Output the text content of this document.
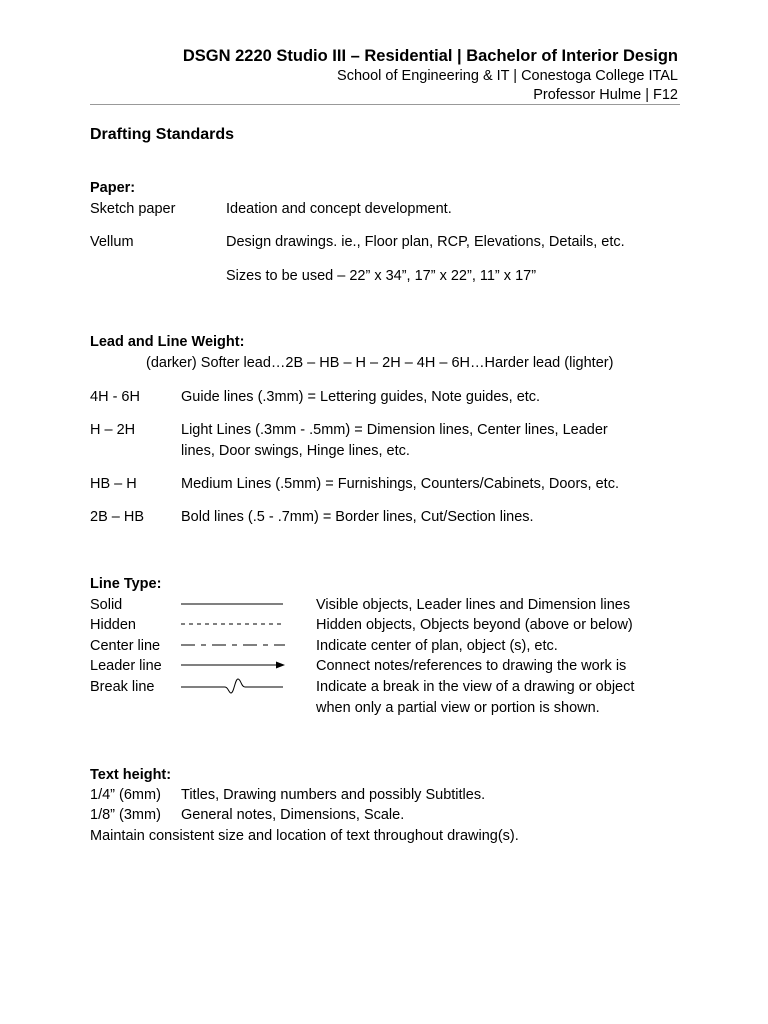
DSGN 2220 Studio III – Residential | Bachelor of Interior Design
School of Engineering & IT | Conestoga College ITAL
Professor Hulme | F12
Drafting Standards
Paper:
Sketch paper	Ideation and concept development.
Vellum	Design drawings. ie., Floor plan, RCP, Elevations, Details, etc.
Sizes to be used – 22” x 34”, 17” x 22”, 11” x 17”
Lead and Line Weight:
(darker) Softer lead…2B – HB – H – 2H – 4H – 6H…Harder lead (lighter)
4H - 6H	Guide lines (.3mm) = Lettering guides, Note guides, etc.
H – 2H	Light Lines (.3mm - .5mm) = Dimension lines, Center lines, Leader
lines, Door swings, Hinge lines, etc.
HB – H	Medium Lines (.5mm) = Furnishings, Counters/Cabinets, Doors, etc.
2B – HB	Bold lines (.5 - .7mm) = Border lines, Cut/Section lines.
Line Type:
Solid	Visible objects, Leader lines and Dimension lines
Hidden	Hidden objects, Objects beyond (above or below)
Center line	Indicate center of plan, object (s), etc.
Leader line	Connect notes/references to drawing the work is
Break line	Indicate a break in the view of a drawing or object
when only a partial view or portion is shown.
Text height:
1/4” (6mm) Titles, Drawing numbers and possibly Subtitles.
1/8” (3mm) General notes, Dimensions, Scale.
Maintain consistent size and location of text throughout drawing(s).
